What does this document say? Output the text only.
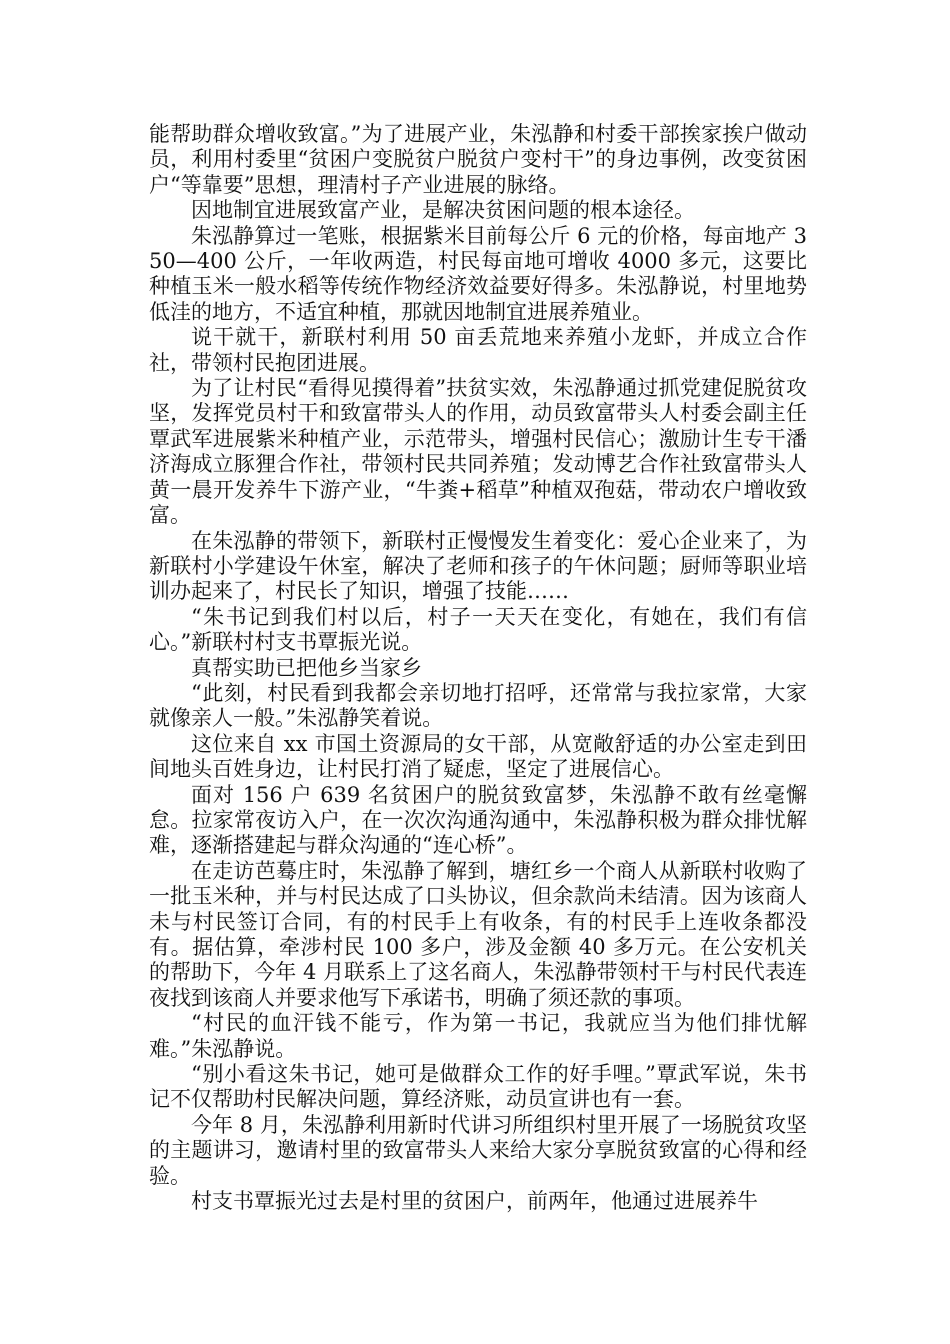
能帮助群众增收致富。”为了进展产业，朱泓静和村委干部挨家挨户做动员，利用村委里“贫困户变脱贫户脱贫户变村干”的身边事例，改变贫困户“等靠要”思想，理清村子产业进展的脉络。

因地制宜进展致富产业，是解决贫困问题的根本途径。

朱泓静算过一笔账，根据紫米目前每公斤 6 元的价格，每亩地产 350—400 公斤，一年收两造，村民每亩地可增收 4000 多元，这要比种植玉米一般水稻等传统作物经济效益要好得多。朱泓静说，村里地势低洼的地方，不适宜种植，那就因地制宜进展养殖业。

说干就干，新联村利用 50 亩丢荒地来养殖小龙虾，并成立合作社，带领村民抱团进展。

为了让村民“看得见摸得着”扶贫实效，朱泓静通过抓党建促脱贫攻坚，发挥党员村干和致富带头人的作用，动员致富带头人村委会副主任覃武军进展紫米种植产业，示范带头，增强村民信心；激励计生专干潘济海成立豚狸合作社，带领村民共同养殖；发动博艺合作社致富带头人黄一晨开发养牛下游产业，“牛粪+稻草”种植双孢菇，带动农户增收致富。

在朱泓静的带领下，新联村正慢慢发生着变化：爱心企业来了，为新联村小学建设午休室，解决了老师和孩子的午休问题；厨师等职业培训办起来了，村民长了知识，增强了技能……

“朱书记到我们村以后，村子一天天在变化，有她在，我们有信心。”新联村村支书覃振光说。

真帮实助已把他乡当家乡

“此刻，村民看到我都会亲切地打招呼，还常常与我拉家常，大家就像亲人一般。”朱泓静笑着说。

这位来自 xx 市国土资源局的女干部，从宽敞舒适的办公室走到田间地头百姓身边，让村民打消了疑虑，坚定了进展信心。

面对 156 户 639 名贫困户的脱贫致富梦，朱泓静不敢有丝毫懈怠。拉家常夜访入户，在一次次沟通沟通中，朱泓静积极为群众排忧解难，逐渐搭建起与群众沟通的“连心桥”。

在走访芭蓦庄时，朱泓静了解到，塘红乡一个商人从新联村收购了一批玉米种，并与村民达成了口头协议，但余款尚未结清。因为该商人未与村民签订合同，有的村民手上有收条，有的村民手上连收条都没有。据估算，牵涉村民 100 多户，涉及金额 40 多万元。在公安机关的帮助下，今年 4 月联系上了这名商人，朱泓静带领村干与村民代表连夜找到该商人并要求他写下承诺书，明确了须还款的事项。

“村民的血汗钱不能亏，作为第一书记，我就应当为他们排忧解难。”朱泓静说。

“别小看这朱书记，她可是做群众工作的好手哩。”覃武军说，朱书记不仅帮助村民解决问题，算经济账，动员宣讲也有一套。

今年 8 月，朱泓静利用新时代讲习所组织村里开展了一场脱贫攻坚的主题讲习，邀请村里的致富带头人来给大家分享脱贫致富的心得和经验。

村支书覃振光过去是村里的贫困户，前两年，他通过进展养牛
